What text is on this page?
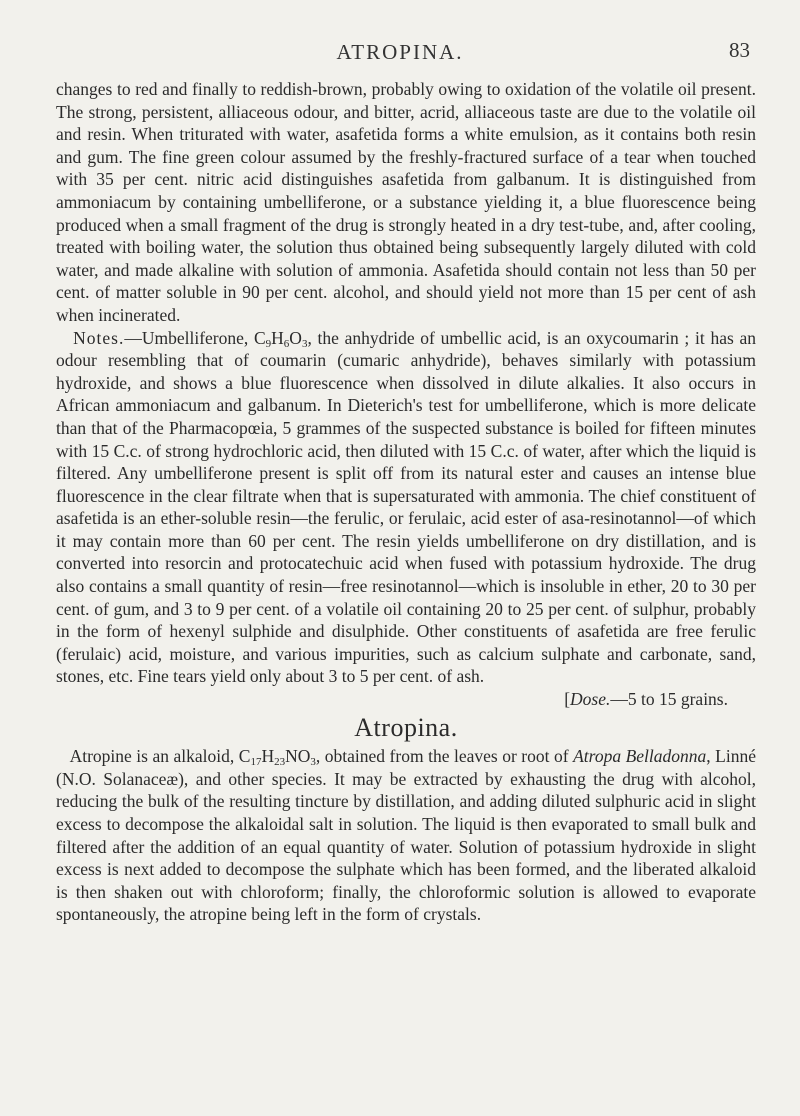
ATROPINA.	83

changes to red and finally to reddish-brown, probably owing to oxidation of the volatile oil present. The strong, persistent, alliaceous odour, and bitter, acrid, alliaceous taste are due to the volatile oil and resin. When triturated with water, asafetida forms a white emulsion, as it contains both resin and gum. The fine green colour assumed by the freshly-fractured surface of a tear when touched with 35 per cent. nitric acid distinguishes asafetida from galbanum. It is distinguished from ammoniacum by containing umbelliferone, or a substance yielding it, a blue fluorescence being produced when a small fragment of the drug is strongly heated in a dry test-tube, and, after cooling, treated with boiling water, the solution thus obtained being subsequently largely diluted with cold water, and made alkaline with solution of ammonia. Asafetida should contain not less than 50 per cent. of matter soluble in 90 per cent. alcohol, and should yield not more than 15 per cent of ash when incinerated.

Notes.—Umbelliferone, $C_9H_6O_3$, the anhydride of umbellic acid, is an oxycoumarin ; it has an odour resembling that of coumarin (cumaric anhydride), behaves similarly with potassium hydroxide, and shows a blue fluorescence when dissolved in dilute alkalies. It also occurs in African ammoniacum and galbanum. In Dieterich's test for umbelliferone, which is more delicate than that of the Pharmacopœia, 5 grammes of the suspected substance is boiled for fifteen minutes with 15 C.c. of strong hydrochloric acid, then diluted with 15 C.c. of water, after which the liquid is filtered. Any umbelliferone present is split off from its natural ester and causes an intense blue fluorescence in the clear filtrate when that is supersaturated with ammonia. The chief constituent of asafetida is an ether-soluble resin—the ferulic, or ferulaic, acid ester of asa-resinotannol—of which it may contain more than 60 per cent. The resin yields umbelliferone on dry distillation, and is converted into resorcin and protocatechuic acid when fused with potassium hydroxide. The drug also contains a small quantity of resin—free resinotannol—which is insoluble in ether, 20 to 30 per cent. of gum, and 3 to 9 per cent. of a volatile oil containing 20 to 25 per cent. of sulphur, probably in the form of hexenyl sulphide and disulphide. Other constituents of asafetida are free ferulic (ferulaic) acid, moisture, and various impurities, such as calcium sulphate and carbonate, sand, stones, etc. Fine tears yield only about 3 to 5 per cent. of ash.

[Dose.—5 to 15 grains.

Atropina.

Atropine is an alkaloid, $C_{17}H_{23}NO_3$, obtained from the leaves or root of Atropa Belladonna, Linné (N.O. Solanaceæ), and other species. It may be extracted by exhausting the drug with alcohol, reducing the bulk of the resulting tincture by distillation, and adding diluted sulphuric acid in slight excess to decompose the alkaloidal salt in solution. The liquid is then evaporated to small bulk and filtered after the addition of an equal quantity of water. Solution of potassium hydroxide in slight excess is next added to decompose the sulphate which has been formed, and the liberated alkaloid is then shaken out with chloroform; finally, the chloroformic solution is allowed to evaporate spontaneously, the atropine being left in the form of crystals.
